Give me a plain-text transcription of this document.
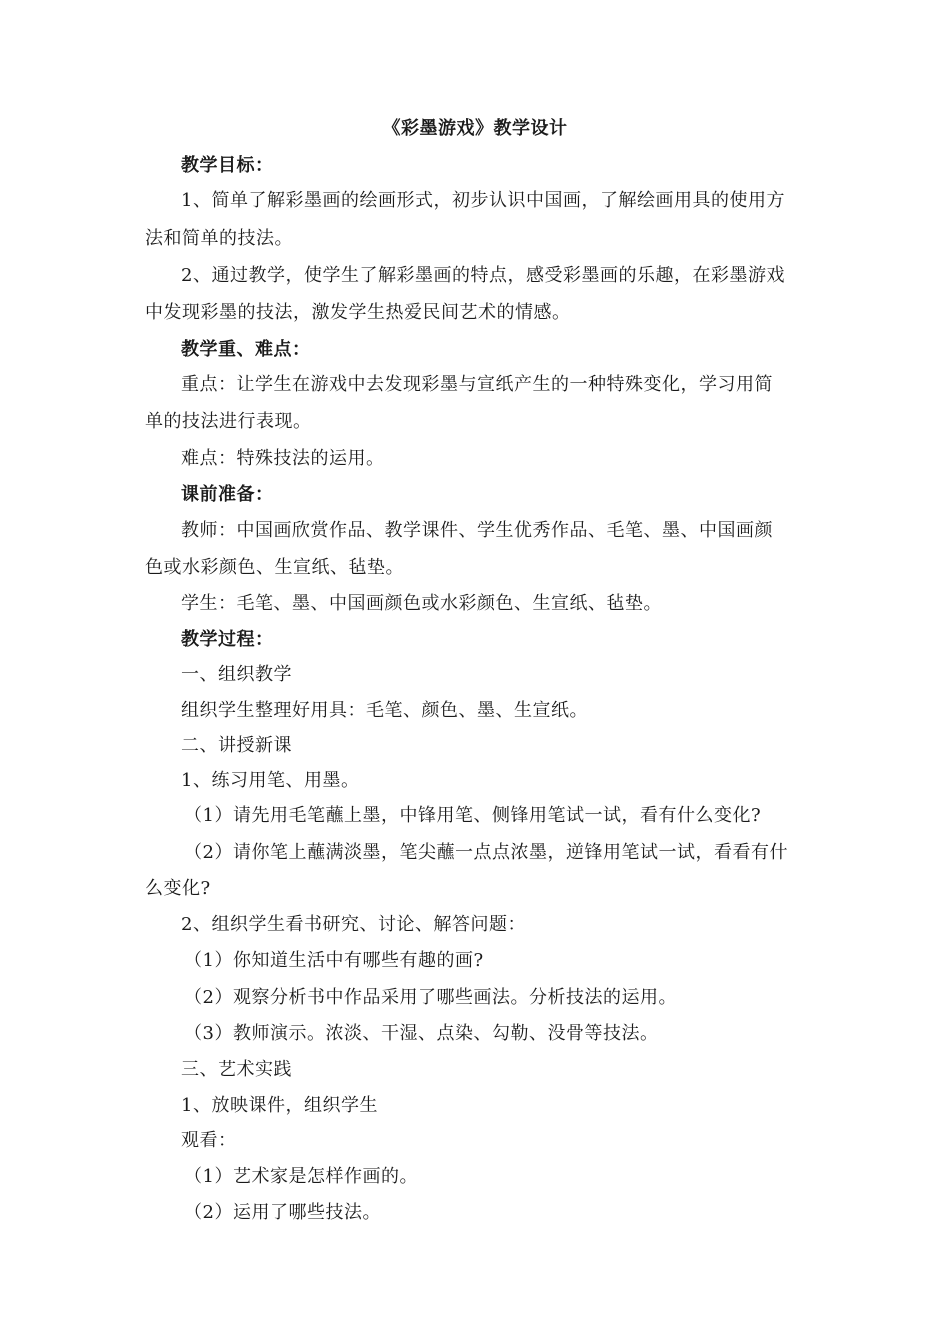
《彩墨游戏》教学设计
教学目标：
1、简单了解彩墨画的绘画形式，初步认识中国画，了解绘画用具的使用方
法和简单的技法。
2、通过教学，使学生了解彩墨画的特点，感受彩墨画的乐趣，在彩墨游戏
中发现彩墨的技法，激发学生热爱民间艺术的情感。
教学重、难点：
重点：让学生在游戏中去发现彩墨与宣纸产生的一种特殊变化，学习用简
单的技法进行表现。
难点：特殊技法的运用。
课前准备：
教师：中国画欣赏作品、教学课件、学生优秀作品、毛笔、墨、中国画颜
色或水彩颜色、生宣纸、毡垫。
学生：毛笔、墨、中国画颜色或水彩颜色、生宣纸、毡垫。
教学过程：
一、组织教学
组织学生整理好用具：毛笔、颜色、墨、生宣纸。
二、讲授新课
1、练习用笔、用墨。
（1）请先用毛笔蘸上墨，中锋用笔、侧锋用笔试一试，看有什么变化?
（2）请你笔上蘸满淡墨，笔尖蘸一点点浓墨，逆锋用笔试一试，看看有什
么变化?
2、组织学生看书研究、讨论、解答问题：
（1）你知道生活中有哪些有趣的画?
（2）观察分析书中作品采用了哪些画法。分析技法的运用。
（3）教师演示。浓淡、干湿、点染、勾勒、没骨等技法。
三、艺术实践
1、放映课件，组织学生
观看：
（1）艺术家是怎样作画的。
（2）运用了哪些技法。
